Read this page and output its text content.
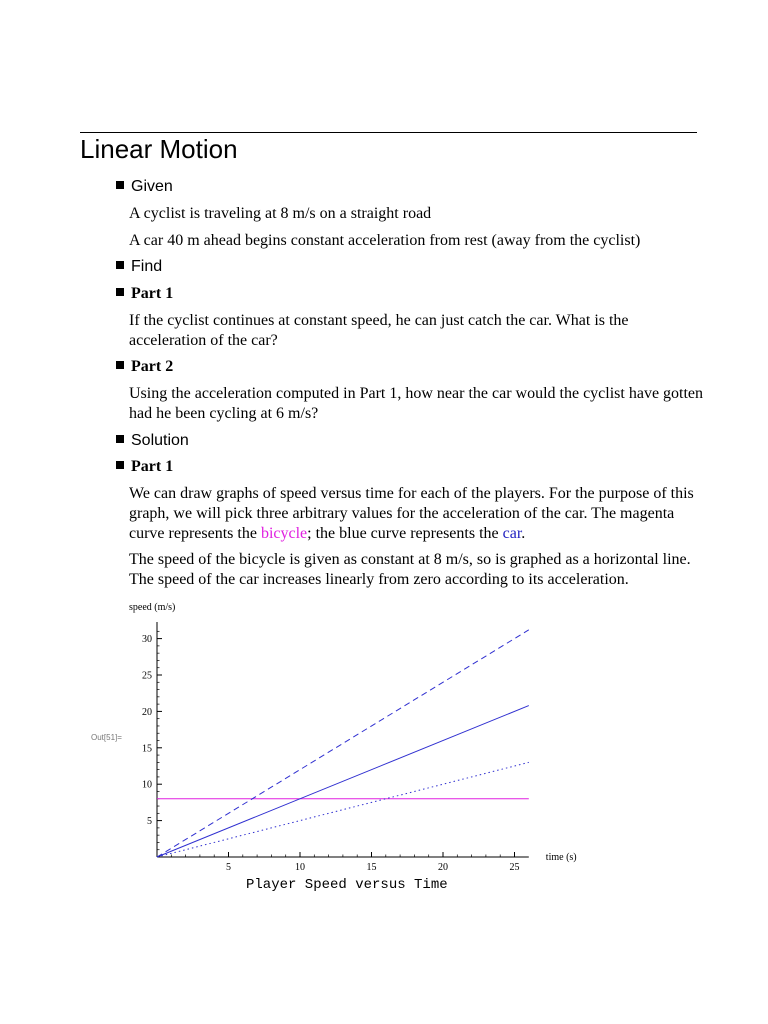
Linear Motion
Given
A cyclist is traveling at 8 m/s on a straight road
A car 40 m ahead begins constant acceleration from rest (away from the cyclist)
Find
Part 1
If the cyclist continues at constant speed, he can just catch the car. What is the acceleration of the car?
Part 2
Using the acceleration computed in Part 1, how near the car would the cyclist have gotten had he been cycling at 6 m/s?
Solution
Part 1
We can draw graphs of speed versus time for each of the players. For the purpose of this graph, we will pick three arbitrary values for the acceleration of the car. The magenta curve represents the bicycle; the blue curve represents the car.
The speed of the bicycle is given as constant at 8 m/s, so is graphed as a horizontal line. The speed of the car increases linearly from zero according to its acceleration.
Out[51]=
5	10	15	20	25
5
10
15
20
25
30
time (s)
speed (m/s)
Player Speed versus Time
